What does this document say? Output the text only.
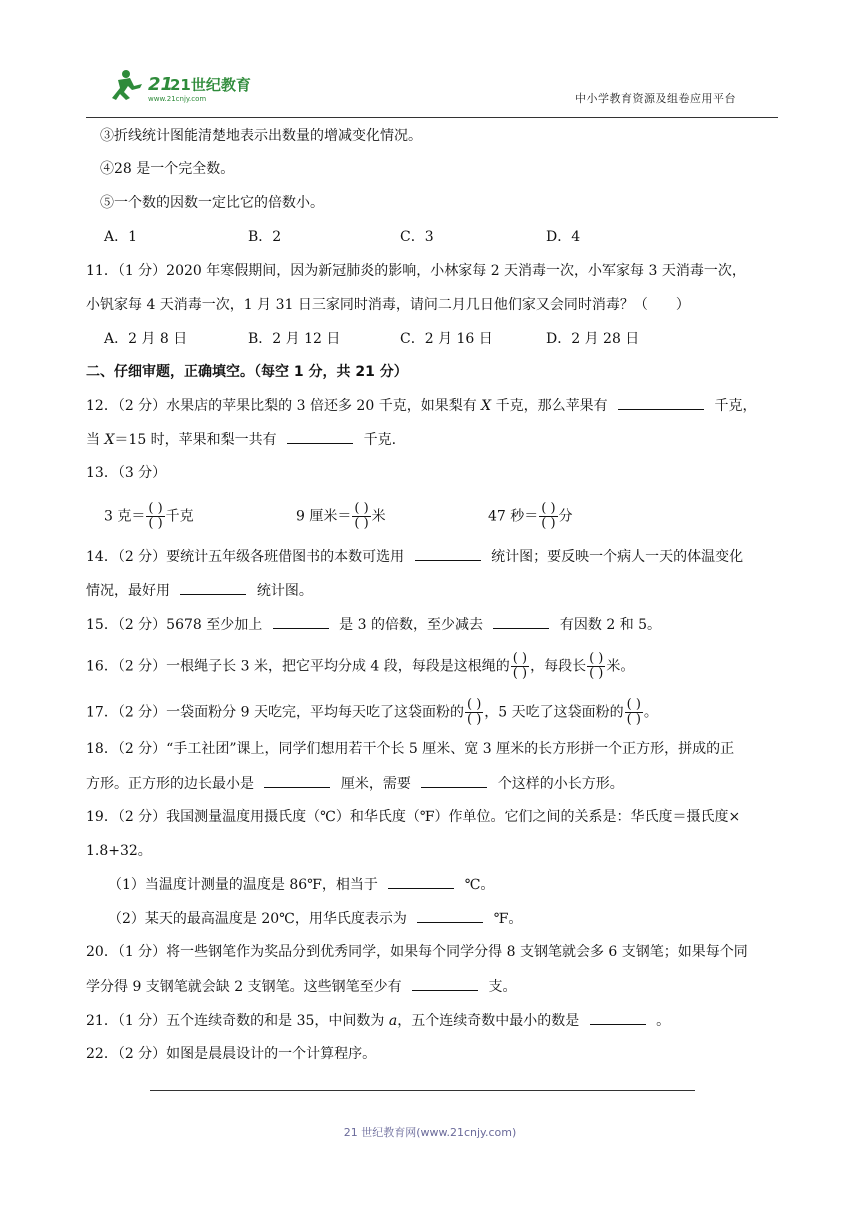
21
21世纪教育
www.21cnjy.com	中小学教育资源及组卷应用平台
③折线统计图能清楚地表示出数量的增减变化情况。
④28 是一个完全数。
⑤一个数的因数一定比它的倍数小。
A．1	B．2	C．3	D．4
11．（1 分）2020 年寒假期间，因为新冠肺炎的影响，小林家每 2 天消毒一次，小军家每 3 天消毒一次，
小钒家每 4 天消毒一次，1 月 31 日三家同时消毒，请问二月几日他们家又会同时消毒？（　　）
A．2 月 8 日	B．2 月 12 日	C．2 月 16 日	D．2 月 28 日
二、仔细审题，正确填空。（每空 1 分，共 21 分）
12．（2 分）水果店的苹果比梨的 3 倍还多 20 千克，如果梨有 X 千克，那么苹果有	千克，
当 X＝15 时，苹果和梨一共有	千克.
13．（3 分）
3 克＝ $\frac{( )}{( )}$ 千克	9 厘米＝ $\frac{( )}{( )}$ 米	47 秒＝ $\frac{( )}{( )}$ 分
14．（2 分）要统计五年级各班借图书的本数可选用	统计图；要反映一个病人一天的体温变化
情况，最好用	统计图。
15．（2 分）5678 至少加上	是 3 的倍数，至少减去	有因数 2 和 5。
16．（2 分）一根绳子长 3 米，把它平均分成 4 段，每段是这根绳的 $\frac{( )}{( )}$ ，每段长 $\frac{( )}{( )}$ 米。
17．（2 分）一袋面粉分 9 天吃完，平均每天吃了这袋面粉的 $\frac{( )}{( )}$ ，5 天吃了这袋面粉的 $\frac{( )}{( )}$ 。
18．（2 分）“手工社团”课上，同学们想用若干个长 5 厘米、宽 3 厘米的长方形拼一个正方形，拼成的正
方形。正方形的边长最小是	厘米，需要	个这样的小长方形。
19．（2 分）我国测量温度用摄氏度（℃）和华氏度（℉）作单位。它们之间的关系是：华氏度＝摄氏度×
1.8+32。
（1）当温度计测量的温度是 86℉，相当于	℃。
（2）某天的最高温度是 20℃，用华氏度表示为	℉。
20．（1 分）将一些钢笔作为奖品分到优秀同学，如果每个同学分得 8 支钢笔就会多 6 支钢笔；如果每个同
学分得 9 支钢笔就会缺 2 支钢笔。这些钢笔至少有	支。
21．（1 分）五个连续奇数的和是 35，中间数为 a，五个连续奇数中最小的数是	。
22．（2 分）如图是晨晨设计的一个计算程序。
21 世纪教育网(www.21cnjy.com)
